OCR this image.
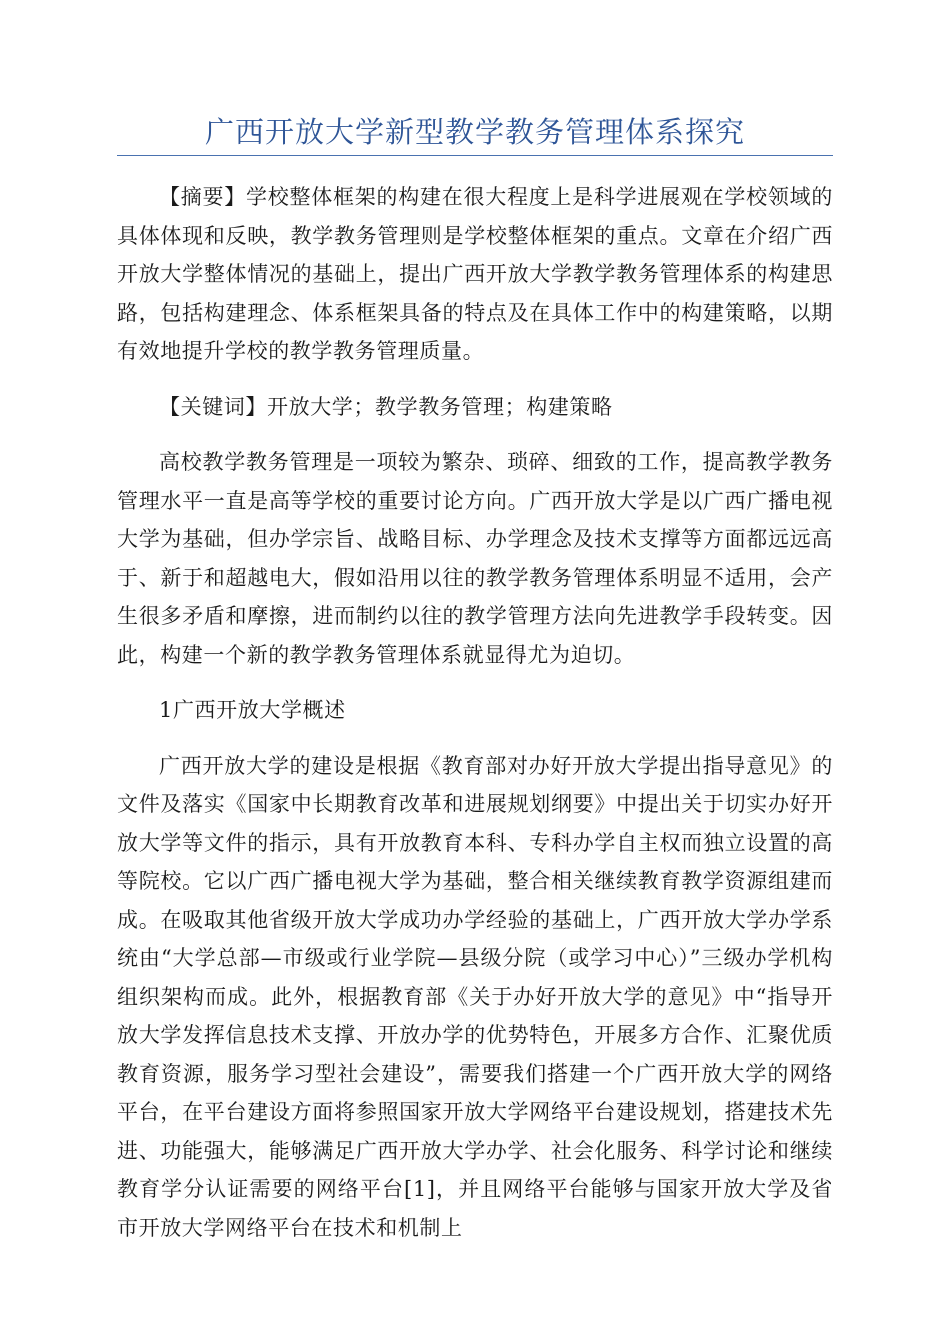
广西开放大学新型教学教务管理体系探究

【摘要】学校整体框架的构建在很大程度上是科学进展观在学校领域的具体体现和反映，教学教务管理则是学校整体框架的重点。文章在介绍广西开放大学整体情况的基础上，提出广西开放大学教学教务管理体系的构建思路，包括构建理念、体系框架具备的特点及在具体工作中的构建策略，以期有效地提升学校的教学教务管理质量。

【关键词】开放大学；教学教务管理；构建策略

高校教学教务管理是一项较为繁杂、琐碎、细致的工作，提高教学教务管理水平一直是高等学校的重要讨论方向。广西开放大学是以广西广播电视大学为基础，但办学宗旨、战略目标、办学理念及技术支撑等方面都远远高于、新于和超越电大，假如沿用以往的教学教务管理体系明显不适用，会产生很多矛盾和摩擦，进而制约以往的教学管理方法向先进教学手段转变。因此，构建一个新的教学教务管理体系就显得尤为迫切。

1广西开放大学概述

广西开放大学的建设是根据《教育部对办好开放大学提出指导意见》的文件及落实《国家中长期教育改革和进展规划纲要》中提出关于切实办好开放大学等文件的指示，具有开放教育本科、专科办学自主权而独立设置的高等院校。它以广西广播电视大学为基础，整合相关继续教育教学资源组建而成。在吸取其他省级开放大学成功办学经验的基础上，广西开放大学办学系统由“大学总部—市级或行业学院—县级分院（或学习中心）”三级办学机构组织架构而成。此外，根据教育部《关于办好开放大学的意见》中“指导开放大学发挥信息技术支撑、开放办学的优势特色，开展多方合作、汇聚优质教育资源，服务学习型社会建设”，需要我们搭建一个广西开放大学的网络平台，在平台建设方面将参照国家开放大学网络平台建设规划，搭建技术先进、功能强大，能够满足广西开放大学办学、社会化服务、科学讨论和继续教育学分认证需要的网络平台[1]，并且网络平台能够与国家开放大学及省市开放大学网络平台在技术和机制上
